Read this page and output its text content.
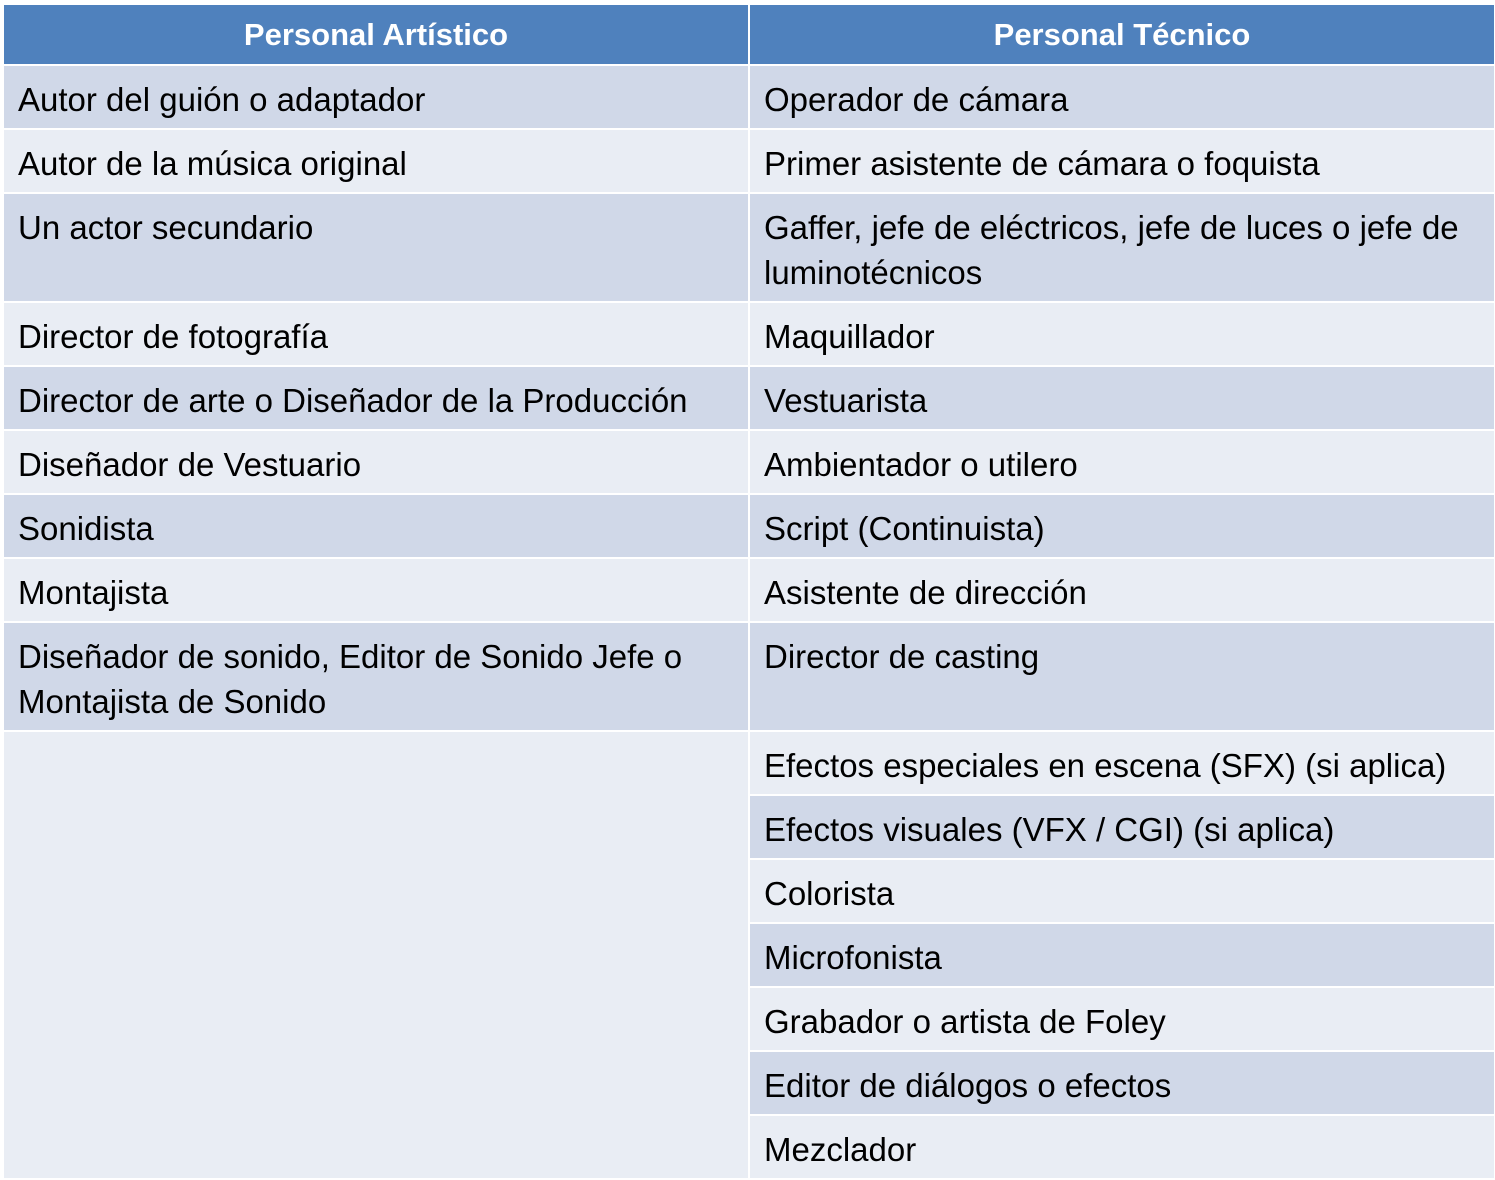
Personal Artístico	Personal Técnico
Autor del guión o adaptador	Operador de cámara
Autor de la música original	Primer asistente de cámara o foquista
Un actor secundario	Gaffer, jefe de eléctricos, jefe de luces o jefe de luminotécnicos
Director de fotografía	Maquillador
Director de arte o Diseñador de la Producción	Vestuarista
Diseñador de Vestuario	Ambientador o utilero
Sonidista	Script (Continuista)
Montajista	Asistente de dirección
Diseñador de sonido, Editor de Sonido Jefe o Montajista de Sonido	Director de casting
	Efectos especiales en escena (SFX) (si aplica)
	Efectos visuales (VFX / CGI) (si aplica)
	Colorista
	Microfonista
	Grabador o artista de Foley
	Editor de diálogos o efectos
	Mezclador
